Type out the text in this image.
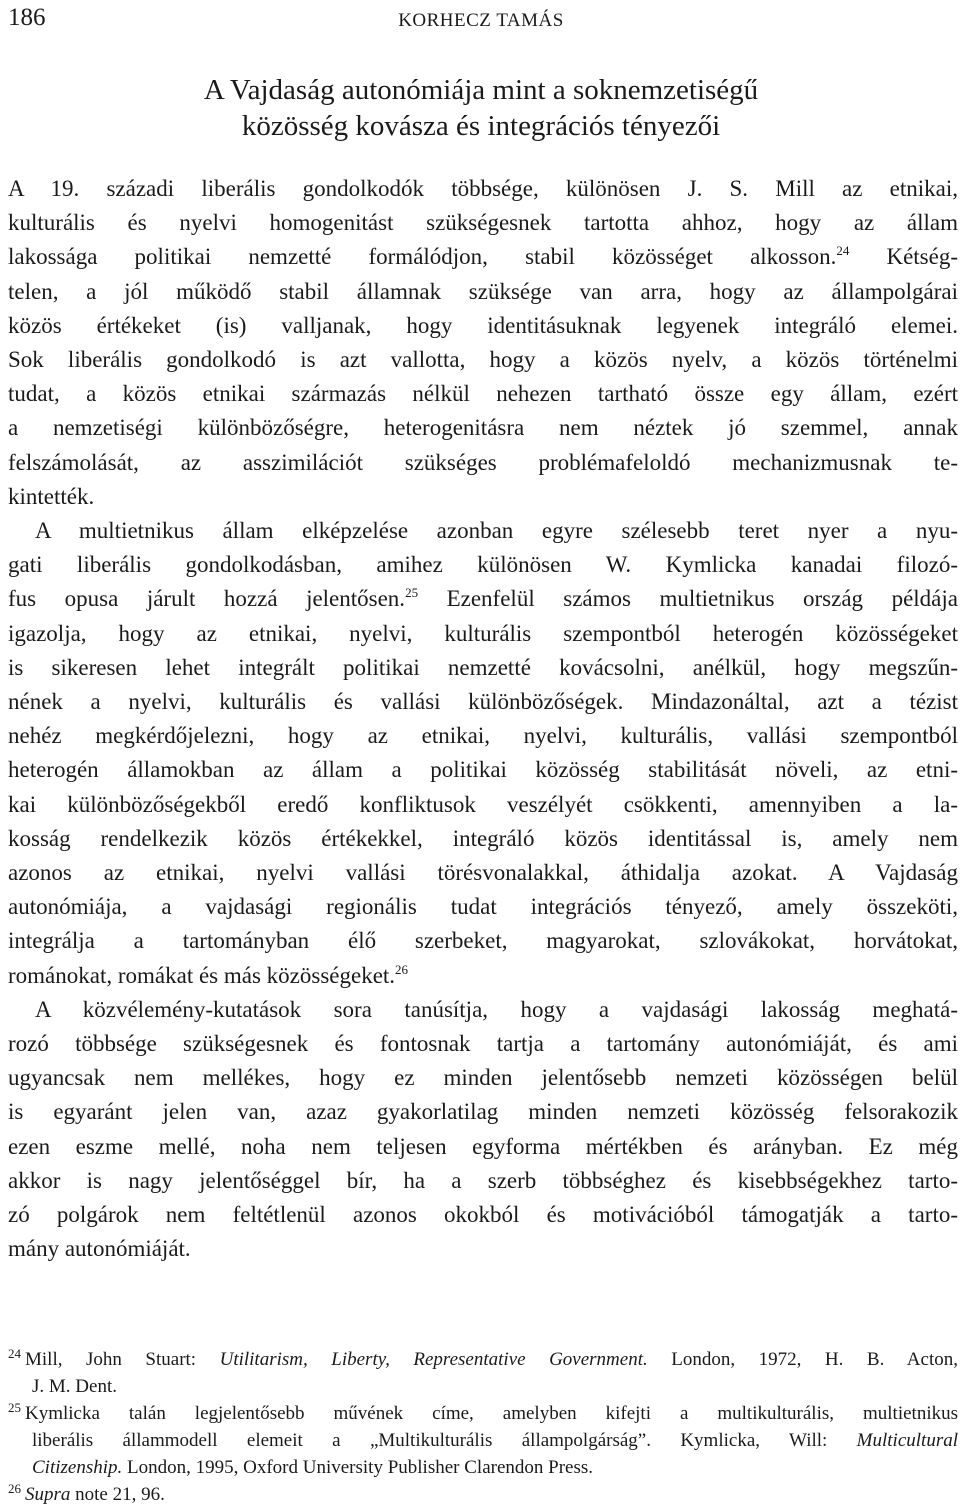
186	KORHECZ TAMÁS
A Vajdaság autonómiája mint a soknemzetiségű
közösség kovásza és integrációs tényezői
A 19. századi liberális gondolkodók többsége, különösen J. S. Mill az etnikai,
kulturális és nyelvi homogenitást szükségesnek tartotta ahhoz, hogy az állam
lakossága politikai nemzetté formálódjon, stabil közösséget alkosson.$^{24}$ Kétség-
telen, a jól működő stabil államnak szüksége van arra, hogy az állampolgárai
közös értékeket (is) valljanak, hogy identitásuknak legyenek integráló elemei.
Sok liberális gondolkodó is azt vallotta, hogy a közös nyelv, a közös történelmi
tudat, a közös etnikai származás nélkül nehezen tartható össze egy állam, ezért
a nemzetiségi különbözőségre, heterogenitásra nem néztek jó szemmel, annak
felszámolását, az asszimilációt szükséges problémafeloldó mechanizmusnak te-
kintették.
A multietnikus állam elképzelése azonban egyre szélesebb teret nyer a nyu-
gati liberális gondolkodásban, amihez különösen W. Kymlicka kanadai filozó-
fus opusa járult hozzá jelentősen.$^{25}$ Ezenfelül számos multietnikus ország példája
igazolja, hogy az etnikai, nyelvi, kulturális szempontból heterogén közösségeket
is sikeresen lehet integrált politikai nemzetté kovácsolni, anélkül, hogy megszűn-
nének a nyelvi, kulturális és vallási különbözőségek. Mindazonáltal, azt a tézist
nehéz megkérdőjelezni, hogy az etnikai, nyelvi, kulturális, vallási szempontból
heterogén államokban az állam a politikai közösség stabilitását növeli, az etni-
kai különbözőségekből eredő konfliktusok veszélyét csökkenti, amennyiben a la-
kosság rendelkezik közös értékekkel, integráló közös identitással is, amely nem
azonos az etnikai, nyelvi vallási törésvonalakkal, áthidalja azokat. A Vajdaság
autonómiája, a vajdasági regionális tudat integrációs tényező, amely összeköti,
integrálja a tartományban élő szerbeket, magyarokat, szlovákokat, horvátokat,
románokat, romákat és más közösségeket.$^{26}$
A közvélemény-kutatások sora tanúsítja, hogy a vajdasági lakosság meghatá-
rozó többsége szükségesnek és fontosnak tartja a tartomány autonómiáját, és ami
ugyancsak nem mellékes, hogy ez minden jelentősebb nemzeti közösségen belül
is egyaránt jelen van, azaz gyakorlatilag minden nemzeti közösség felsorakozik
ezen eszme mellé, noha nem teljesen egyforma mértékben és arányban. Ez még
akkor is nagy jelentőséggel bír, ha a szerb többséghez és kisebbségekhez tarto-
zó polgárok nem feltétlenül azonos okokból és motivációból támogatják a tarto-
mány autonómiáját.
$^{24}$ Mill, John Stuart: Utilitarism, Liberty, Representative Government. London, 1972, H. B. Acton,
J. M. Dent.
$^{25}$ Kymlicka talán legjelentősebb művének címe, amelyben kifejti a multikulturális, multietnikus
liberális állammodell elemeit a „Multikulturális állampolgárság”. Kymlicka, Will: Multicultural
Citizenship. London, 1995, Oxford University Publisher Clarendon Press.
$^{26}$ Supra note 21, 96.
